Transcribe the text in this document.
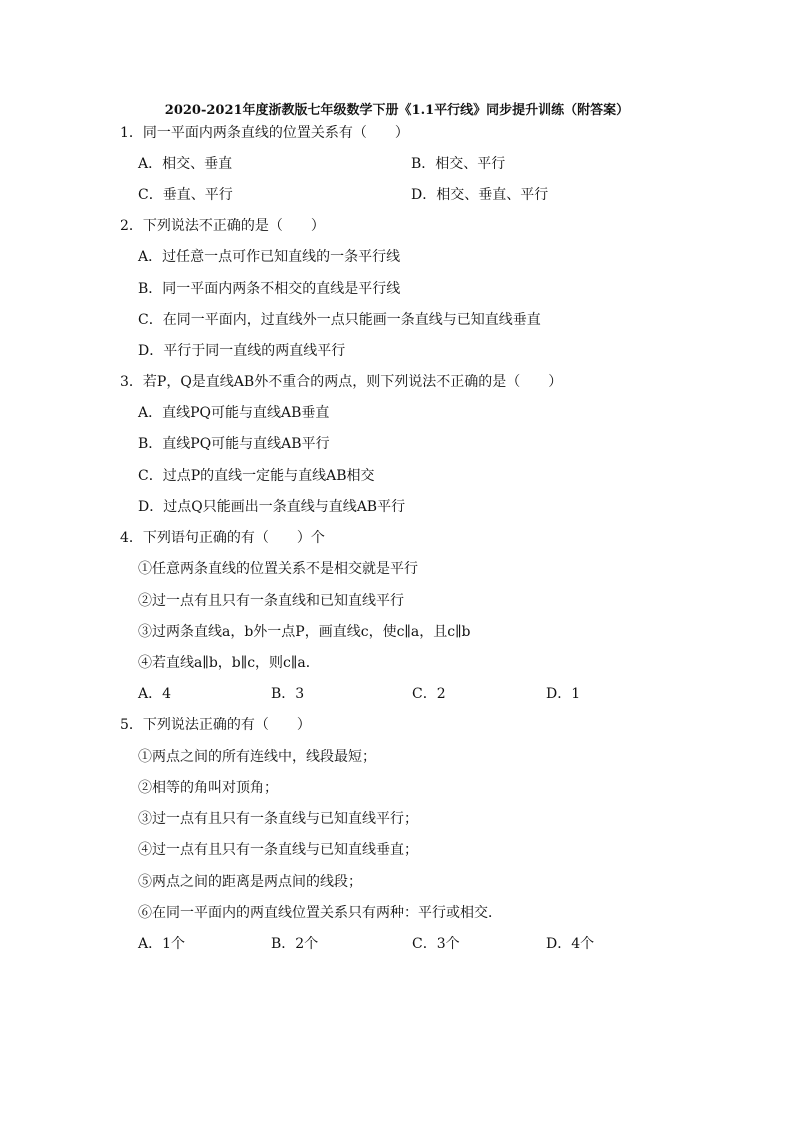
2020-2021年度浙教版七年级数学下册《1.1平行线》同步提升训练（附答案）
1．同一平面内两条直线的位置关系有（　　）
A．相交、垂直	B．相交、平行
C．垂直、平行	D．相交、垂直、平行
2．下列说法不正确的是（　　）
A．过任意一点可作已知直线的一条平行线
B．同一平面内两条不相交的直线是平行线
C．在同一平面内，过直线外一点只能画一条直线与已知直线垂直
D．平行于同一直线的两直线平行
3．若P，Q是直线AB外不重合的两点，则下列说法不正确的是（　　）
A．直线PQ可能与直线AB垂直
B．直线PQ可能与直线AB平行
C．过点P的直线一定能与直线AB相交
D．过点Q只能画出一条直线与直线AB平行
4．下列语句正确的有（　　）个
①任意两条直线的位置关系不是相交就是平行
②过一点有且只有一条直线和已知直线平行
③过两条直线a，b外一点P，画直线c，使c∥a，且c∥b
④若直线a∥b，b∥c，则c∥a．
A．4	B．3	C．2	D．1
5．下列说法正确的有（　　）
①两点之间的所有连线中，线段最短；
②相等的角叫对顶角；
③过一点有且只有一条直线与已知直线平行；
④过一点有且只有一条直线与已知直线垂直；
⑤两点之间的距离是两点间的线段；
⑥在同一平面内的两直线位置关系只有两种：平行或相交．
A．1个	B．2个	C．3个	D．4个
